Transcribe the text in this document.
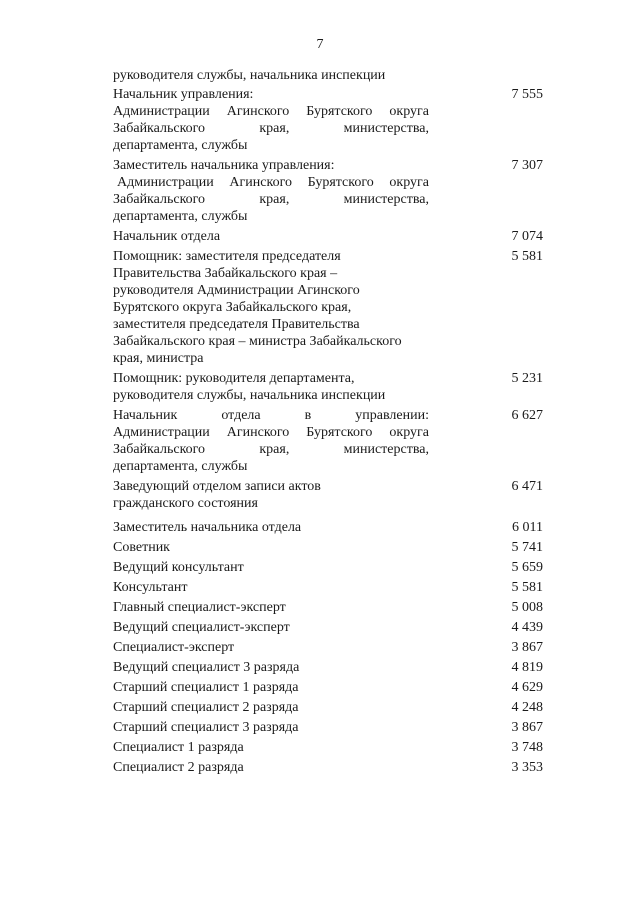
7
руководителя службы, начальника инспекции
Начальник управления:
Администрации Агинского Бурятского округа
Забайкальского края, министерства,
департамента, службы
7 555
Заместитель начальника управления:
Администрации Агинского Бурятского округа
Забайкальского края, министерства,
департамента, службы
7 307
Начальник отдела	7 074
Помощник: заместителя председателя
Правительства Забайкальского края –
руководителя Администрации Агинского
Бурятского округа Забайкальского края,
заместителя председателя Правительства
Забайкальского края – министра Забайкальского
края, министра
5 581
Помощник: руководителя департамента,
руководителя службы, начальника инспекции
5 231
Начальник отдела в управлении:
Администрации Агинского Бурятского округа
Забайкальского края, министерства,
департамента, службы
6 627
Заведующий отделом записи актов
гражданского состояния
6 471
Заместитель начальника отдела	6 011
Советник	5 741
Ведущий консультант	5 659
Консультант	5 581
Главный специалист-эксперт	5 008
Ведущий специалист-эксперт	4 439
Специалист-эксперт	3 867
Ведущий специалист 3 разряда	4 819
Старший специалист 1 разряда	4 629
Старший специалист 2 разряда	4 248
Старший специалист 3 разряда	3 867
Специалист 1 разряда	3 748
Специалист 2 разряда	3 353
